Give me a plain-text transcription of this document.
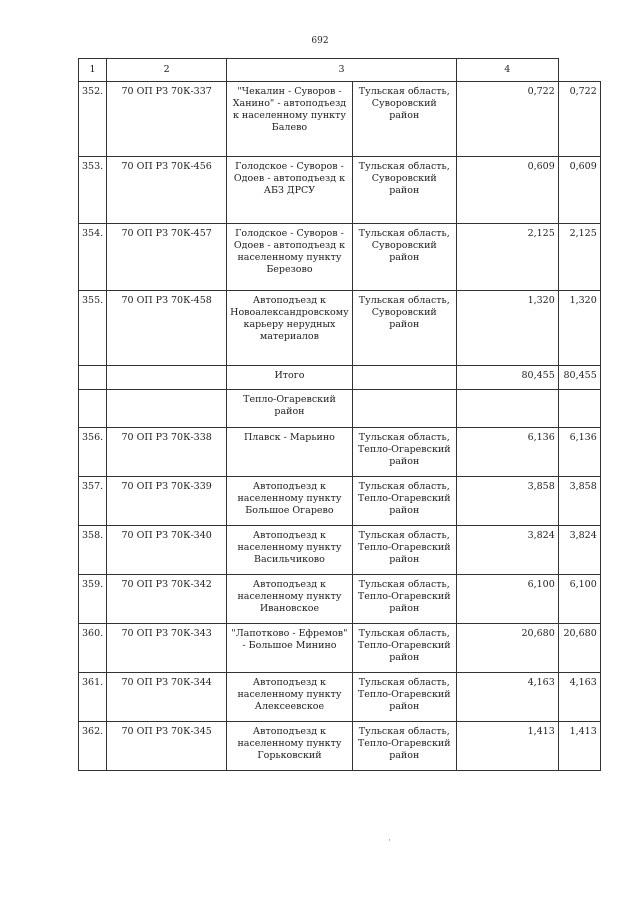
692
1	2	3		4	
352.	70 ОП РЗ 70К-337	"Чекалин - Суворов - Ханино" - автоподъезд к населенному пункту Балево	Тульская область, Суворовский район	0,722	0,722
353.	70 ОП РЗ 70К-456	Голодское - Суворов - Одоев - автоподъезд к АБЗ ДРСУ	Тульская область, Суворовский район	0,609	0,609
354.	70 ОП РЗ 70К-457	Голодское - Суворов - Одоев - автоподъезд к населенному пункту Березово	Тульская область, Суворовский район	2,125	2,125
355.	70 ОП РЗ 70К-458	Автоподъезд к Новоалександровскому карьеру нерудных материалов	Тульская область, Суворовский район	1,320	1,320
		Итого		80,455	80,455
		Тепло-Огаревский район			
356.	70 ОП РЗ 70К-338	Плавск - Марьино	Тульская область, Тепло-Огаревский район	6,136	6,136
357.	70 ОП РЗ 70К-339	Автоподъезд к населенному пункту Большое Огарево	Тульская область, Тепло-Огаревский район	3,858	3,858
358.	70 ОП РЗ 70К-340	Автоподъезд к населенному пункту Васильчиково	Тульская область, Тепло-Огаревский район	3,824	3,824
359.	70 ОП РЗ 70К-342	Автоподъезд к населенному пункту Ивановское	Тульская область, Тепло-Огаревский район	6,100	6,100
360.	70 ОП РЗ 70К-343	"Лапотково - Ефремов" - Большое Минино	Тульская область, Тепло-Огаревский район	20,680	20,680
361.	70 ОП РЗ 70К-344	Автоподъезд к населенному пункту Алексеевское	Тульская область, Тепло-Огаревский район	4,163	4,163
362.	70 ОП РЗ 70К-345	Автоподъезд к населенному пункту Горьковский	Тульская область, Тепло-Огаревский район	1,413	1,413
·
